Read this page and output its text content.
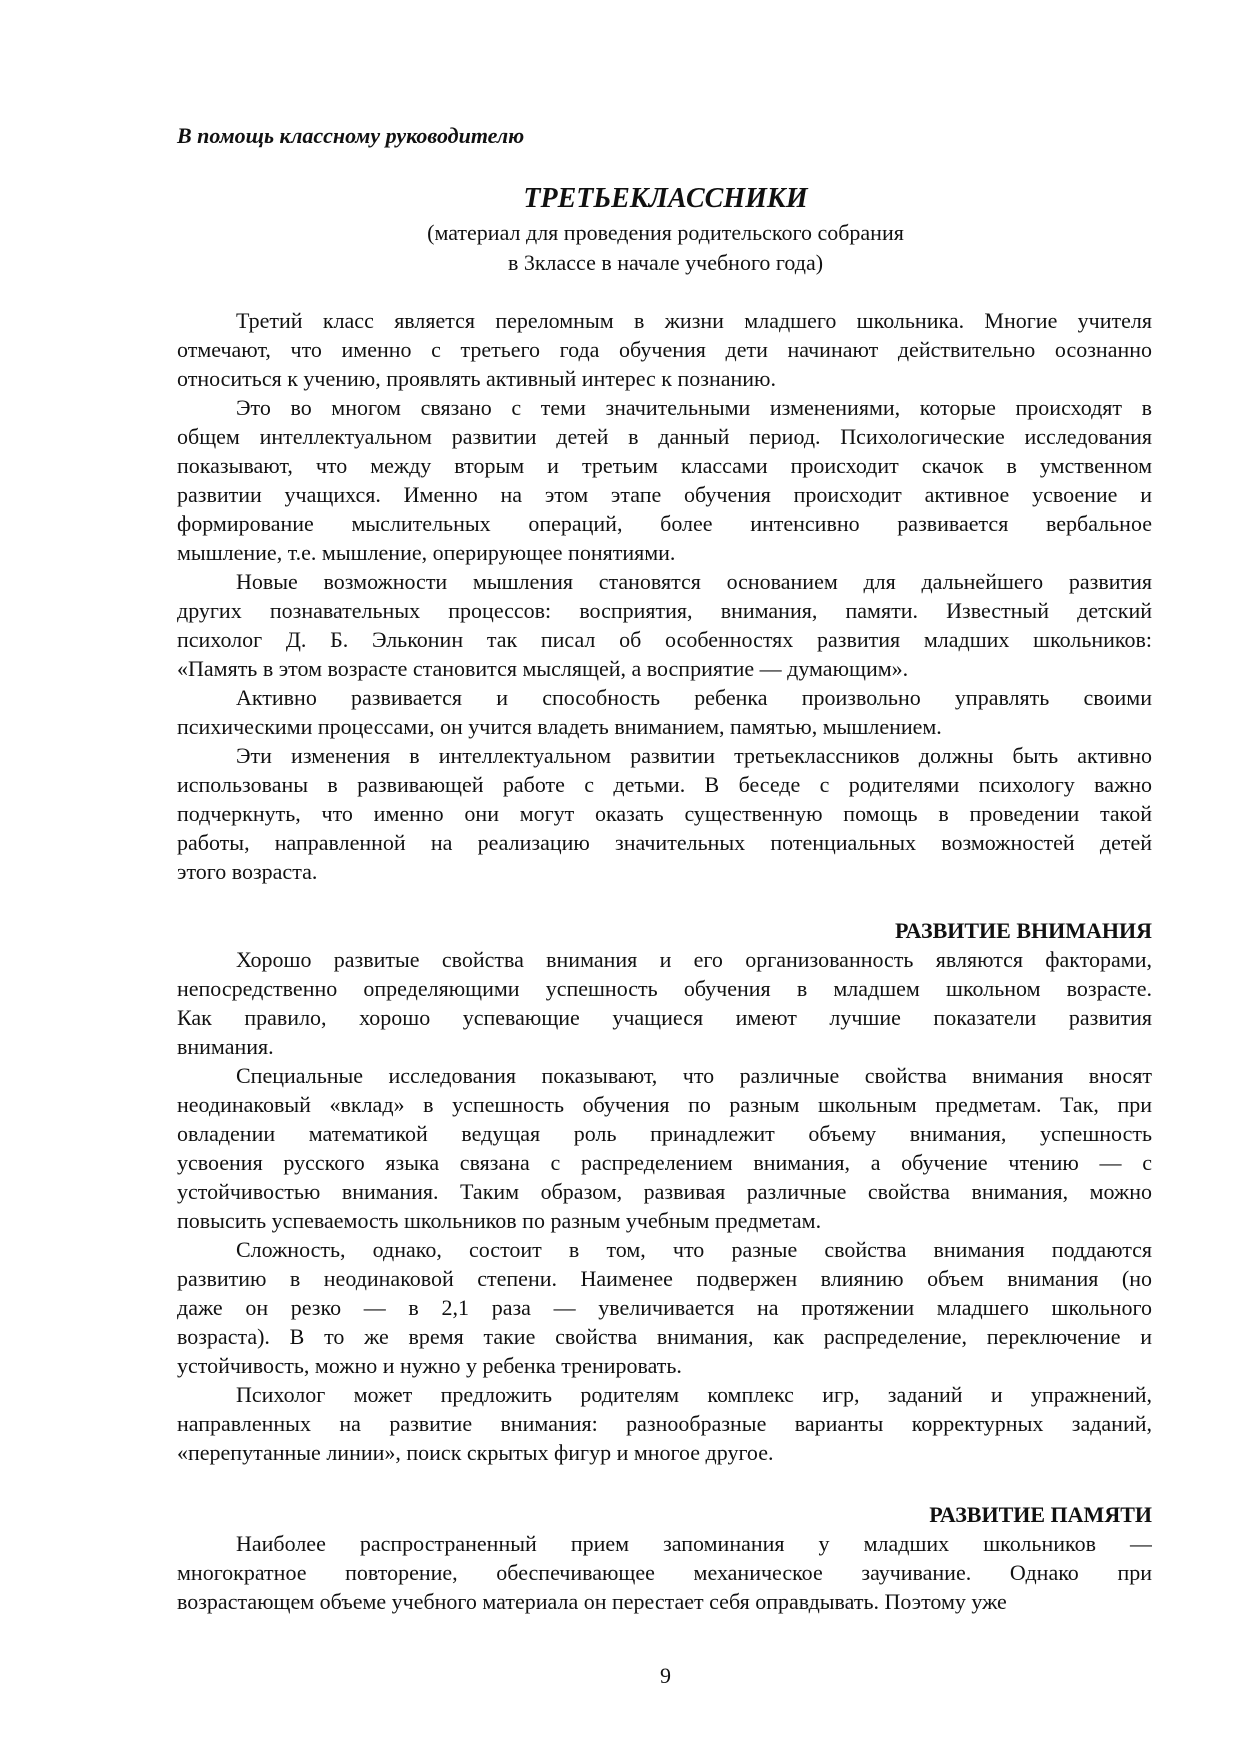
В помощь классному руководителю
ТРЕТЬЕКЛАССНИКИ
(материал для проведения родительского собрания
в 3классе в начале учебного года)
Третий класс является переломным в жизни младшего школьника. Многие учителя
отмечают, что именно с третьего года обучения дети начинают действительно осознанно
относиться к учению, проявлять активный интерес к познанию.
Это во многом связано с теми значительными изменениями, которые происходят в
общем интеллектуальном развитии детей в данный период. Психологические исследования
показывают, что между вторым и третьим классами происходит скачок в умственном
развитии учащихся. Именно на этом этапе обучения происходит активное усвоение и
формирование мыслительных операций, более интенсивно развивается вербальное
мышление, т.е. мышление, оперирующее понятиями.
Новые возможности мышления становятся основанием для дальнейшего развития
других познавательных процессов: восприятия, внимания, памяти. Известный детский
психолог Д. Б. Эльконин так писал об особенностях развития младших школьников:
«Память в этом возрасте становится мыслящей, а восприятие — думающим».
Активно развивается и способность ребенка произвольно управлять своими
психическими процессами, он учится владеть вниманием, памятью, мышлением.
Эти изменения в интеллектуальном развитии третьеклассников должны быть активно
использованы в развивающей работе с детьми. В беседе с родителями психологу важно
подчеркнуть, что именно они могут оказать существенную помощь в проведении такой
работы, направленной на реализацию значительных потенциальных возможностей детей
этого возраста.
РАЗВИТИЕ ВНИМАНИЯ
Хорошо развитые свойства внимания и его организованность являются факторами,
непосредственно определяющими успешность обучения в младшем школьном возрасте.
Как правило, хорошо успевающие учащиеся имеют лучшие показатели развития
внимания.
Специальные исследования показывают, что различные свойства внимания вносят
неодинаковый «вклад» в успешность обучения по разным школьным предметам. Так, при
овладении математикой ведущая роль принадлежит объему внимания, успешность
усвоения русского языка связана с распределением внимания, а обучение чтению — с
устойчивостью внимания. Таким образом, развивая различные свойства внимания, можно
повысить успеваемость школьников по разным учебным предметам.
Сложность, однако, состоит в том, что разные свойства внимания поддаются
развитию в неодинаковой степени. Наименее подвержен влиянию объем внимания (но
даже он резко — в 2,1 раза — увеличивается на протяжении младшего школьного
возраста). В то же время такие свойства внимания, как распределение, переключение и
устойчивость, можно и нужно у ребенка тренировать.
Психолог может предложить родителям комплекс игр, заданий и упражнений,
направленных на развитие внимания: разнообразные варианты корректурных заданий,
«перепутанные линии», поиск скрытых фигур и многое другое.
РАЗВИТИЕ ПАМЯТИ
Наиболее распространенный прием запоминания у младших школьников —
многократное повторение, обеспечивающее механическое заучивание. Однако при
возрастающем объеме учебного материала он перестает себя оправдывать. Поэтому уже
9
